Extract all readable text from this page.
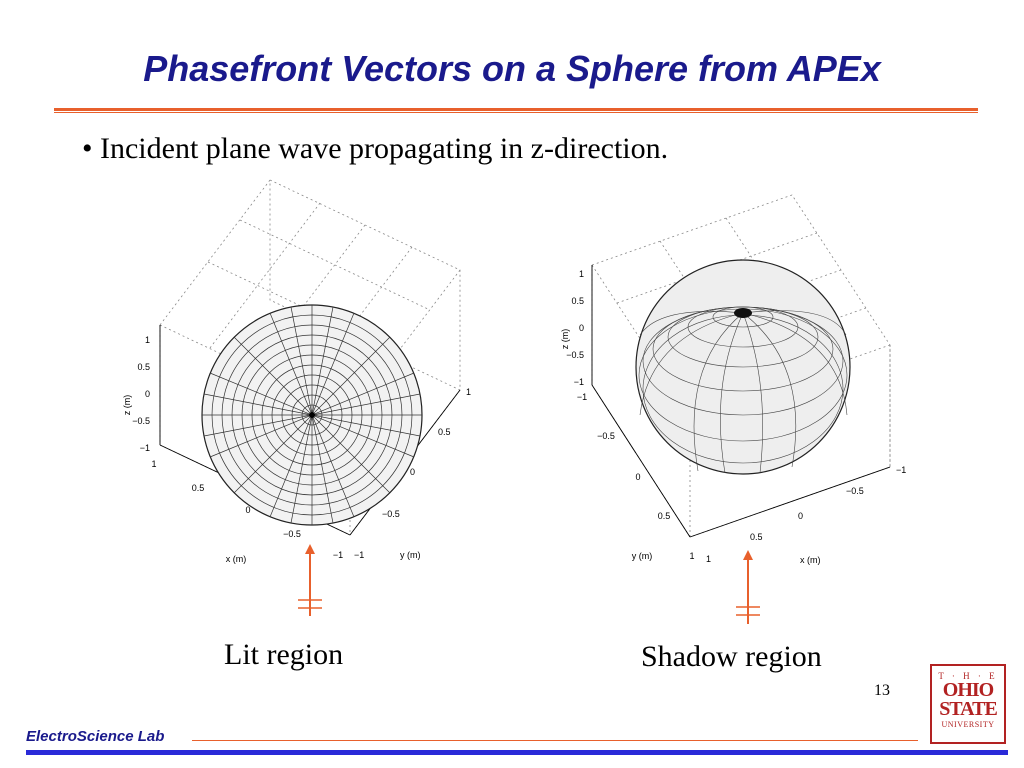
Phasefront Vectors on a Sphere from APEx
• Incident plane wave propagating in z-direction.
1
0.5
0
−0.5
−1
z (m)
1
0.5
0
−0.5
−1
x (m)
1
0.5
0
−0.5
−1	y (m)
Lit region
1
0.5
0
−0.5
−1
z (m)
−1
−0.5
0
0.5
1
y (m)
−1
−0.5
0
0.5
1	x (m)
Shadow region
13
T · H · E
OHIO
STATE
UNIVERSITY
ElectroScience Lab
